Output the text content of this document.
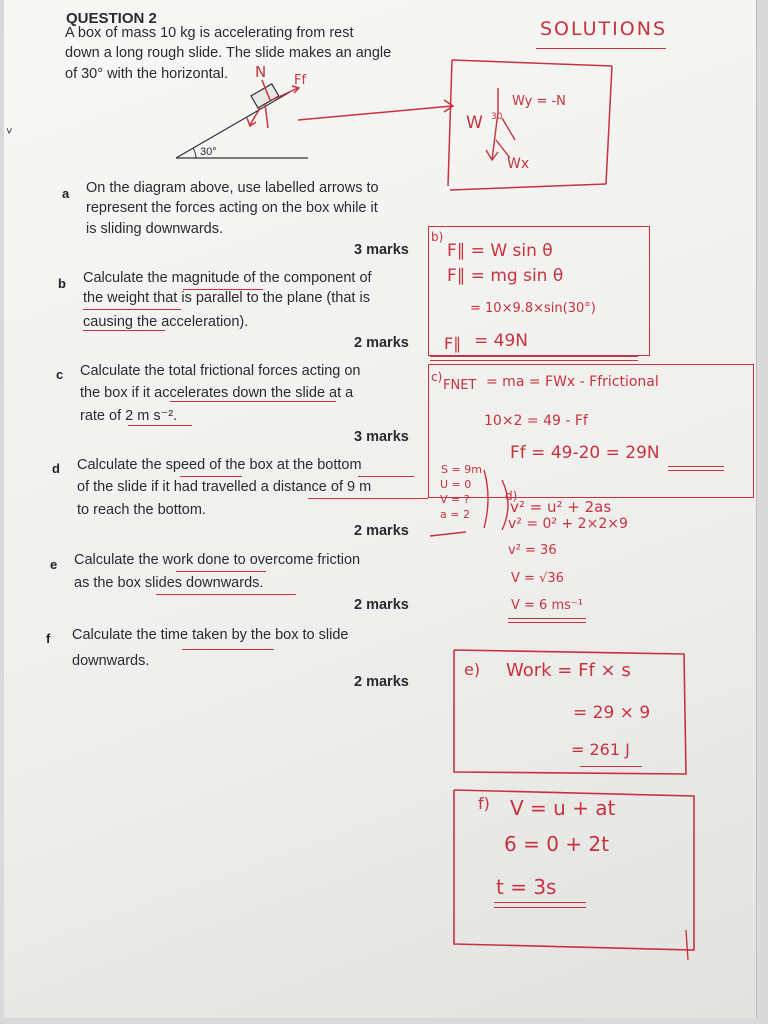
QUESTION 2
A box of mass 10 kg is accelerating from rest
down a long rough slide. The slide makes an angle
of 30° with the horizontal.
30°
N Ff
a On the diagram above, use labelled arrows to
represent the forces acting on the box while it
is sliding downwards.
3 marks
b Calculate the magnitude of the component of
the weight that is parallel to the plane (that is
causing the acceleration).
2 marks
c Calculate the total frictional forces acting on
the box if it accelerates down the slide at a
rate of 2 m s⁻².
3 marks
d Calculate the speed of the box at the bottom
of the slide if it had travelled a distance of 9 m
to reach the bottom.
2 marks
e Calculate the work done to overcome friction
as the box slides downwards.
2 marks
f Calculate the time taken by the box to slide
downwards.
2 marks
SOLUTIONS
W 30
Wy = -N
Wx
b)
F∥ = W sin θ
F∥ = mg sin θ
= 10×9.8×sin(30°)
F∥ = 49N
c)
FNET = ma = FWx - Ffrictional
10×2 = 49 - Ff
Ff = 49-20 = 29N
S = 9m
U = 0
V = ?
a = 2
d)
v² = u² + 2as
v² = 0² + 2×2×9
v² = 36
V = √36
V = 6 ms⁻¹
e) Work = Ff × s
= 29 × 9
= 261 J
f) V = u + at
6 = 0 + 2t
t = 3s
˅
